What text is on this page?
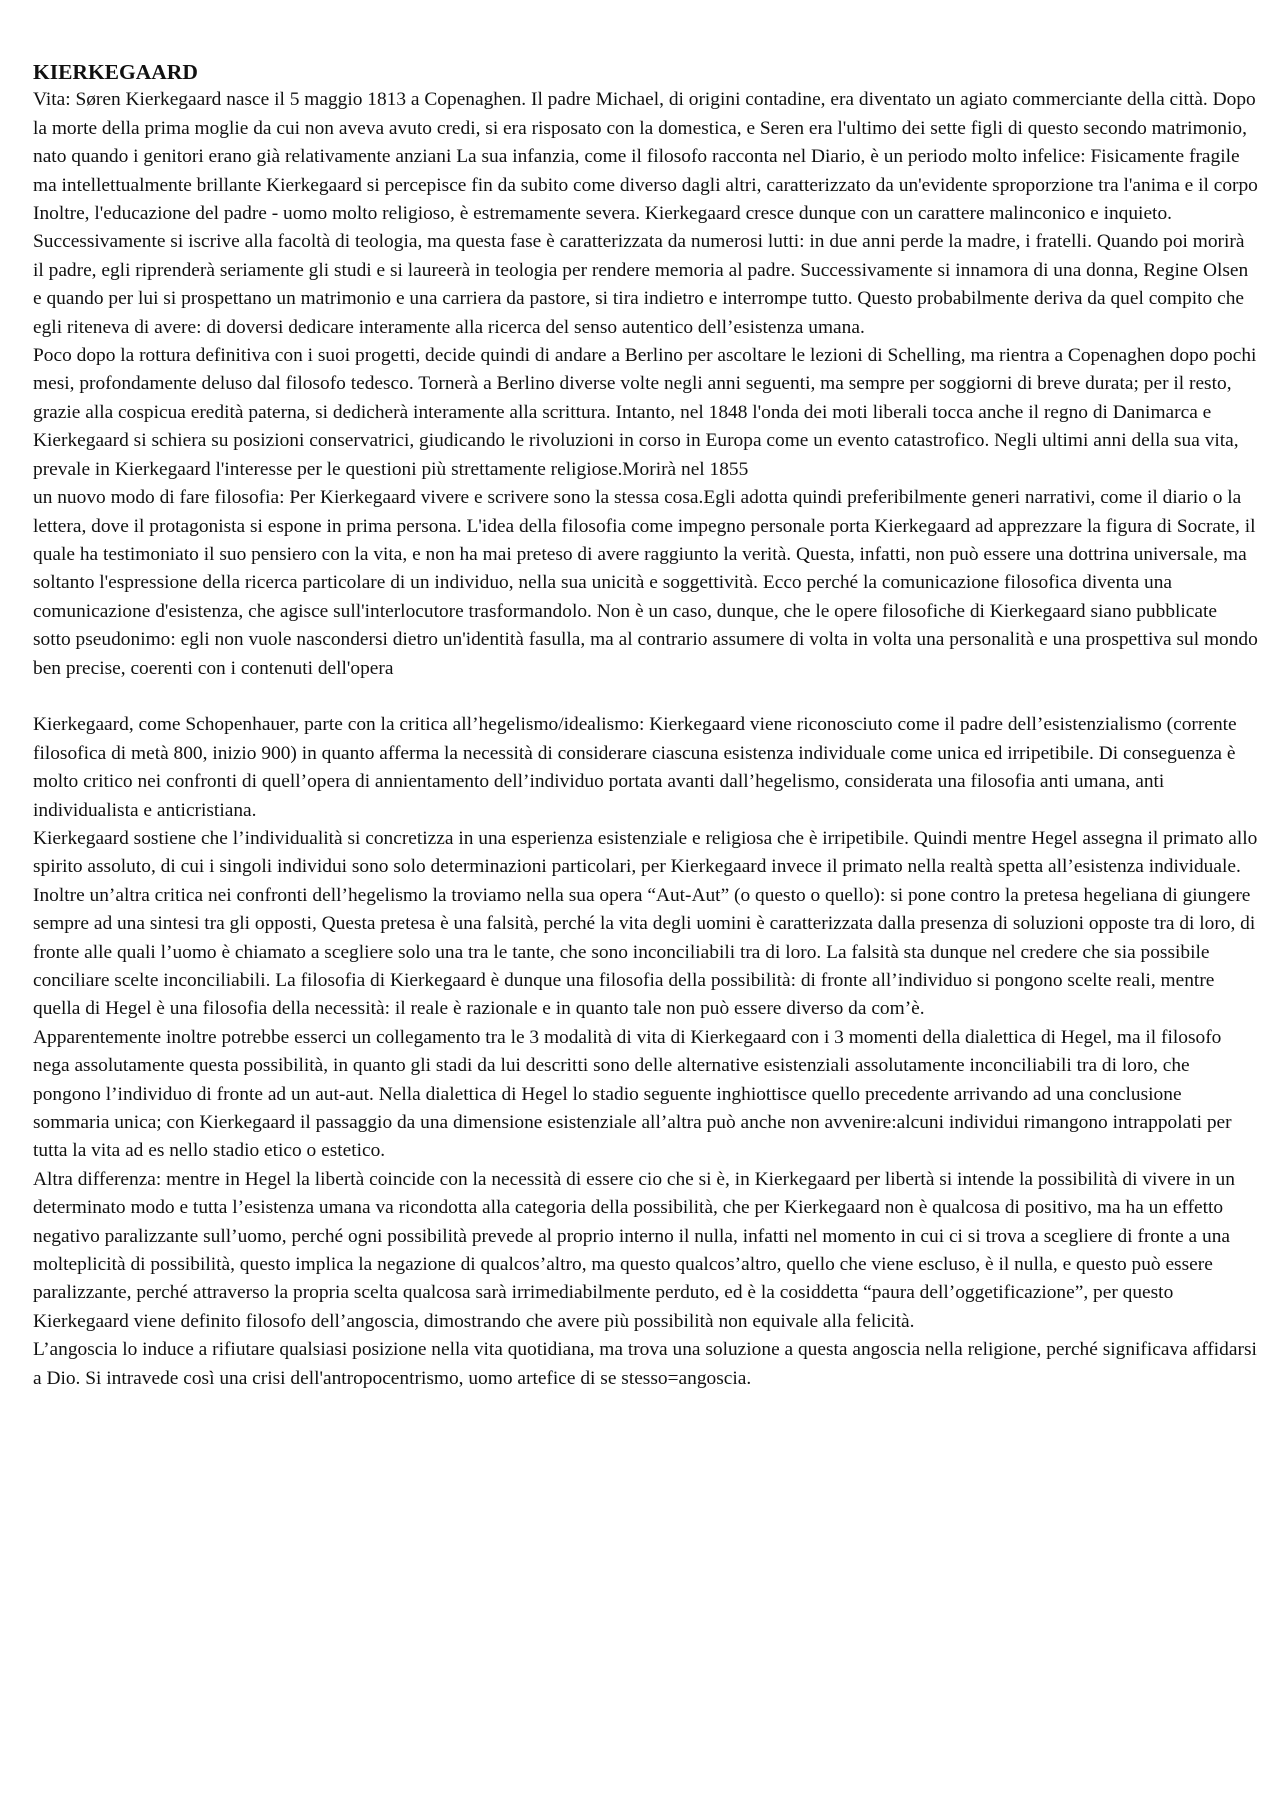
KIERKEGAARD

Vita: Søren Kierkegaard nasce il 5 maggio 1813 a Copenaghen. Il padre Michael, di origini contadine, era diventato un agiato commerciante della città. Dopo la morte della prima moglie da cui non aveva avuto credi, si era risposato con la domestica, e Seren era l'ultimo dei sette figli di questo secondo matrimonio, nato quando i genitori erano già relativamente anziani La sua infanzia, come il filosofo racconta nel Diario, è un periodo molto infelice: Fisicamente fragile ma intellettualmente brillante Kierkegaard si percepisce fin da subito come diverso dagli altri, caratterizzato da un'evidente sproporzione tra l'anima e il corpo Inoltre, l'educazione del padre - uomo molto religioso, è estremamente severa. Kierkegaard cresce dunque con un carattere malinconico e inquieto. Successivamente si iscrive alla facoltà di teologia, ma questa fase è caratterizzata da numerosi lutti: in due anni perde la madre, i fratelli. Quando poi morirà il padre, egli riprenderà seriamente gli studi e si laureerà in teologia per rendere memoria al padre. Successivamente si innamora di una donna, Regine Olsen e quando per lui si prospettano un matrimonio e una carriera da pastore, si tira indietro e interrompe tutto. Questo probabilmente deriva da quel compito che egli riteneva di avere: di doversi dedicare interamente alla ricerca del senso autentico dell’esistenza umana.

Poco dopo la rottura definitiva con i suoi progetti, decide quindi di andare a Berlino per ascoltare le lezioni di Schelling, ma rientra a Copenaghen dopo pochi mesi, profondamente deluso dal filosofo tedesco. Tornerà a Berlino diverse volte negli anni seguenti, ma sempre per soggiorni di breve durata; per il resto, grazie alla cospicua eredità paterna, si dedicherà interamente alla scrittura. Intanto, nel 1848 l'onda dei moti liberali tocca anche il regno di Danimarca e Kierkegaard si schiera su posizioni conservatrici, giudicando le rivoluzioni in corso in Europa come un evento catastrofico. Negli ultimi anni della sua vita, prevale in Kierkegaard l'interesse per le questioni più strettamente religiose.Morirà nel 1855

un nuovo modo di fare filosofia: Per Kierkegaard vivere e scrivere sono la stessa cosa.Egli adotta quindi preferibilmente generi narrativi, come il diario o la lettera, dove il protagonista si espone in prima persona. L'idea della filosofia come impegno personale porta Kierkegaard ad apprezzare la figura di Socrate, il quale ha testimoniato il suo pensiero con la vita, e non ha mai preteso di avere raggiunto la verità. Questa, infatti, non può essere una dottrina universale, ma soltanto l'espressione della ricerca particolare di un individuo, nella sua unicità e soggettività. Ecco perché la comunicazione filosofica diventa una comunicazione d'esistenza, che agisce sull'interlocutore trasformandolo. Non è un caso, dunque, che le opere filosofiche di Kierkegaard siano pubblicate sotto pseudonimo: egli non vuole nascondersi dietro un'identità fasulla, ma al contrario assumere di volta in volta una personalità e una prospettiva sul mondo ben precise, coerenti con i contenuti dell'opera

Kierkegaard, come Schopenhauer, parte con la critica all’hegelismo/idealismo: Kierkegaard viene riconosciuto come il padre dell’esistenzialismo (corrente filosofica di metà 800, inizio 900) in quanto afferma la necessità di considerare ciascuna esistenza individuale come unica ed irripetibile. Di conseguenza è molto critico nei confronti di quell’opera di annientamento dell’individuo portata avanti dall’hegelismo, considerata una filosofia anti umana, anti individualista e anticristiana.

Kierkegaard sostiene che l’individualità si concretizza in una esperienza esistenziale e religiosa che è irripetibile. Quindi mentre Hegel assegna il primato allo spirito assoluto, di cui i singoli individui sono solo determinazioni particolari, per Kierkegaard invece il primato nella realtà spetta all’esistenza individuale.

Inoltre un’altra critica nei confronti dell’hegelismo la troviamo nella sua opera “Aut-Aut” (o questo o quello): si pone contro la pretesa hegeliana di giungere sempre ad una sintesi tra gli opposti, Questa pretesa è una falsità, perché la vita degli uomini è caratterizzata dalla presenza di soluzioni opposte tra di loro, di fronte alle quali l’uomo è chiamato a scegliere solo una tra le tante, che sono inconciliabili tra di loro. La falsità sta dunque nel credere che sia possibile conciliare scelte inconciliabili. La filosofia di Kierkegaard è dunque una filosofia della possibilità: di fronte all’individuo si pongono scelte reali, mentre quella di Hegel è una filosofia della necessità: il reale è razionale e in quanto tale non può essere diverso da com’è.

Apparentemente inoltre potrebbe esserci un collegamento tra le 3 modalità di vita di Kierkegaard con i 3 momenti della dialettica di Hegel, ma il filosofo nega assolutamente questa possibilità, in quanto gli stadi da lui descritti sono delle alternative esistenziali assolutamente inconciliabili tra di loro, che pongono l’individuo di fronte ad un aut-aut. Nella dialettica di Hegel lo stadio seguente inghiottisce quello precedente arrivando ad una conclusione sommaria unica; con Kierkegaard il passaggio da una dimensione esistenziale all’altra può anche non avvenire:alcuni individui rimangono intrappolati per tutta la vita ad es nello stadio etico o estetico.

Altra differenza: mentre in Hegel la libertà coincide con la necessità di essere cio che si è, in Kierkegaard per libertà si intende la possibilità di vivere in un determinato modo e tutta l’esistenza umana va ricondotta alla categoria della possibilità, che per Kierkegaard non è qualcosa di positivo, ma ha un effetto negativo paralizzante sull’uomo, perché ogni possibilità prevede al proprio interno il nulla, infatti nel momento in cui ci si trova a scegliere di fronte a una molteplicità di possibilità, questo implica la negazione di qualcos’altro, ma questo qualcos’altro, quello che viene escluso, è il nulla, e questo può essere paralizzante, perché attraverso la propria scelta qualcosa sarà irrimediabilmente perduto, ed è la cosiddetta “paura dell’oggetificazione”, per questo Kierkegaard viene definito filosofo dell’angoscia, dimostrando che avere più possibilità non equivale alla felicità.

L’angoscia lo induce a rifiutare qualsiasi posizione nella vita quotidiana, ma trova una soluzione a questa angoscia nella religione, perché significava affidarsi a Dio. Si intravede così una crisi dell'antropocentrismo, uomo artefice di se stesso=angoscia.
